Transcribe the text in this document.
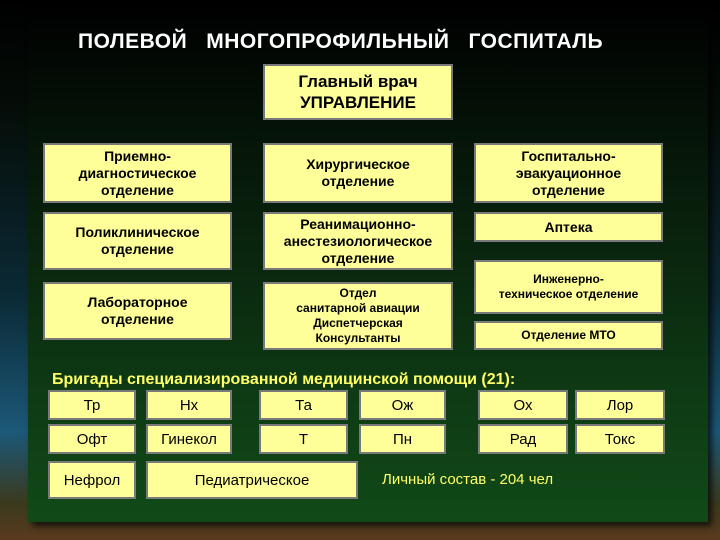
ПОЛЕВОЙ   МНОГОПРОФИЛЬНЫЙ   ГОСПИТАЛЬ
Главный врач
УПРАВЛЕНИЕ
Приемно-
диагностическое
отделение
Хирургическое
отделение
Госпитально-
эвакуационное
отделение
Поликлиническое
отделение
Реанимационно-
анестезиологическое
отделение
Аптека
Инженерно-
техническое отделение
Лабораторное
отделение
Отдел
санитарной авиации
Диспетчерская
Консультанты	Отделение МТО
Бригады специализированной медицинской помощи (21):
Тр	Нх	Та	Ож	Ох	Лор
Офт	Гинекол	Т	Пн	Рад	Токс
Нефрол	Педиатрическое	Личный состав - 204 чел
